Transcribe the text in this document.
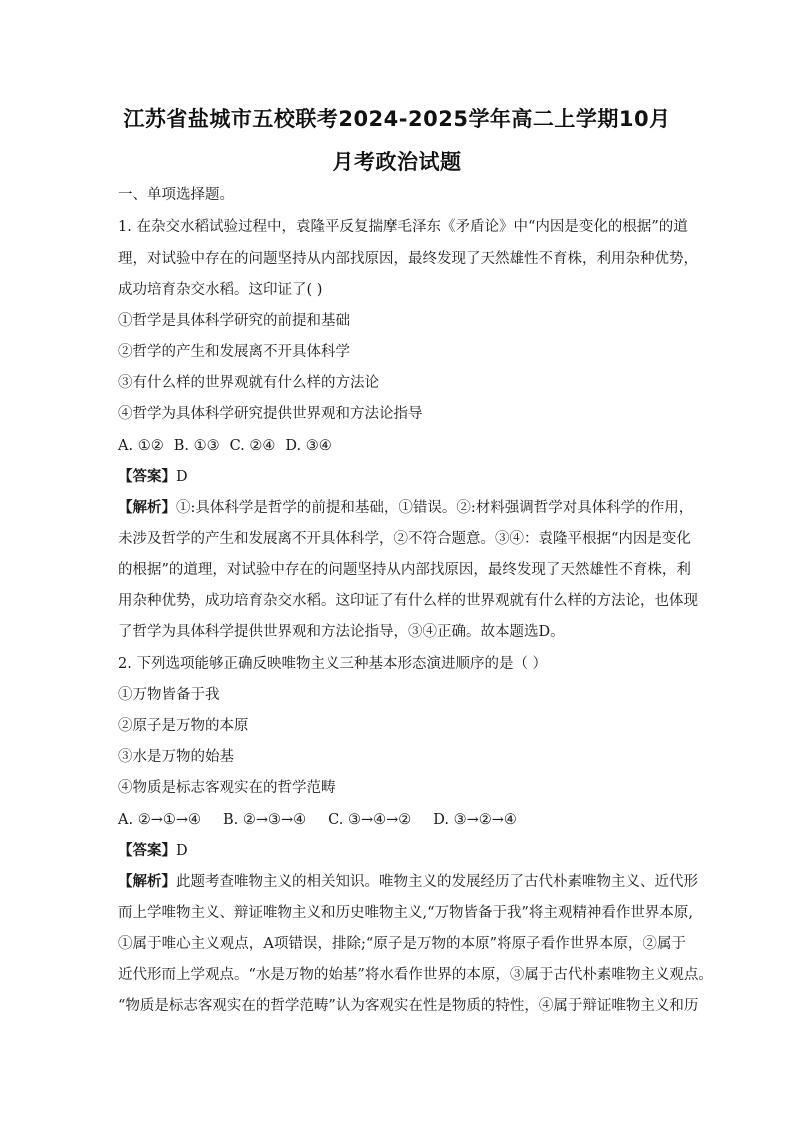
江苏省盐城市五校联考2024-2025学年高二上学期10月
月考政治试题
一、单项选择题。
1. 在杂交水稻试验过程中，袁隆平反复揣摩毛泽东《矛盾论》中“内因是变化的根据”的道
理，对试验中存在的问题坚持从内部找原因，最终发现了天然雄性不育株，利用杂种优势，
成功培育杂交水稻。这印证了( )
①哲学是具体科学研究的前提和基础
②哲学的产生和发展离不开具体科学
③有什么样的世界观就有什么样的方法论
④哲学为具体科学研究提供世界观和方法论指导
A. ①② B. ①③ C. ②④ D. ③④
【答案】D
【解析】①:具体科学是哲学的前提和基础，①错误。②:材料强调哲学对具体科学的作用，
未涉及哲学的产生和发展离不开具体科学，②不符合题意。③④：袁隆平根据“内因是变化
的根据”的道理，对试验中存在的问题坚持从内部找原因，最终发现了天然雄性不育株，利
用杂种优势，成功培育杂交水稻。这印证了有什么样的世界观就有什么样的方法论，也体现
了哲学为具体科学提供世界观和方法论指导，③④正确。故本题选D。
2. 下列选项能够正确反映唯物主义三种基本形态演进顺序的是（ ）
①万物皆备于我
②原子是万物的本原
③水是万物的始基
④物质是标志客观实在的哲学范畴
A. ②→①→④ B. ②→③→④ C. ③→④→② D. ③→②→④
【答案】D
【解析】此题考查唯物主义的相关知识。唯物主义的发展经历了古代朴素唯物主义、近代形
而上学唯物主义、辩证唯物主义和历史唯物主义,“万物皆备于我”将主观精神看作世界本原,
①属于唯心主义观点，A项错误，排除;“原子是万物的本原”将原子看作世界本原，②属于
近代形而上学观点。“水是万物的始基”将水看作世界的本原，③属于古代朴素唯物主义观点。
“物质是标志客观实在的哲学范畴”认为客观实在性是物质的特性，④属于辩证唯物主义和历
